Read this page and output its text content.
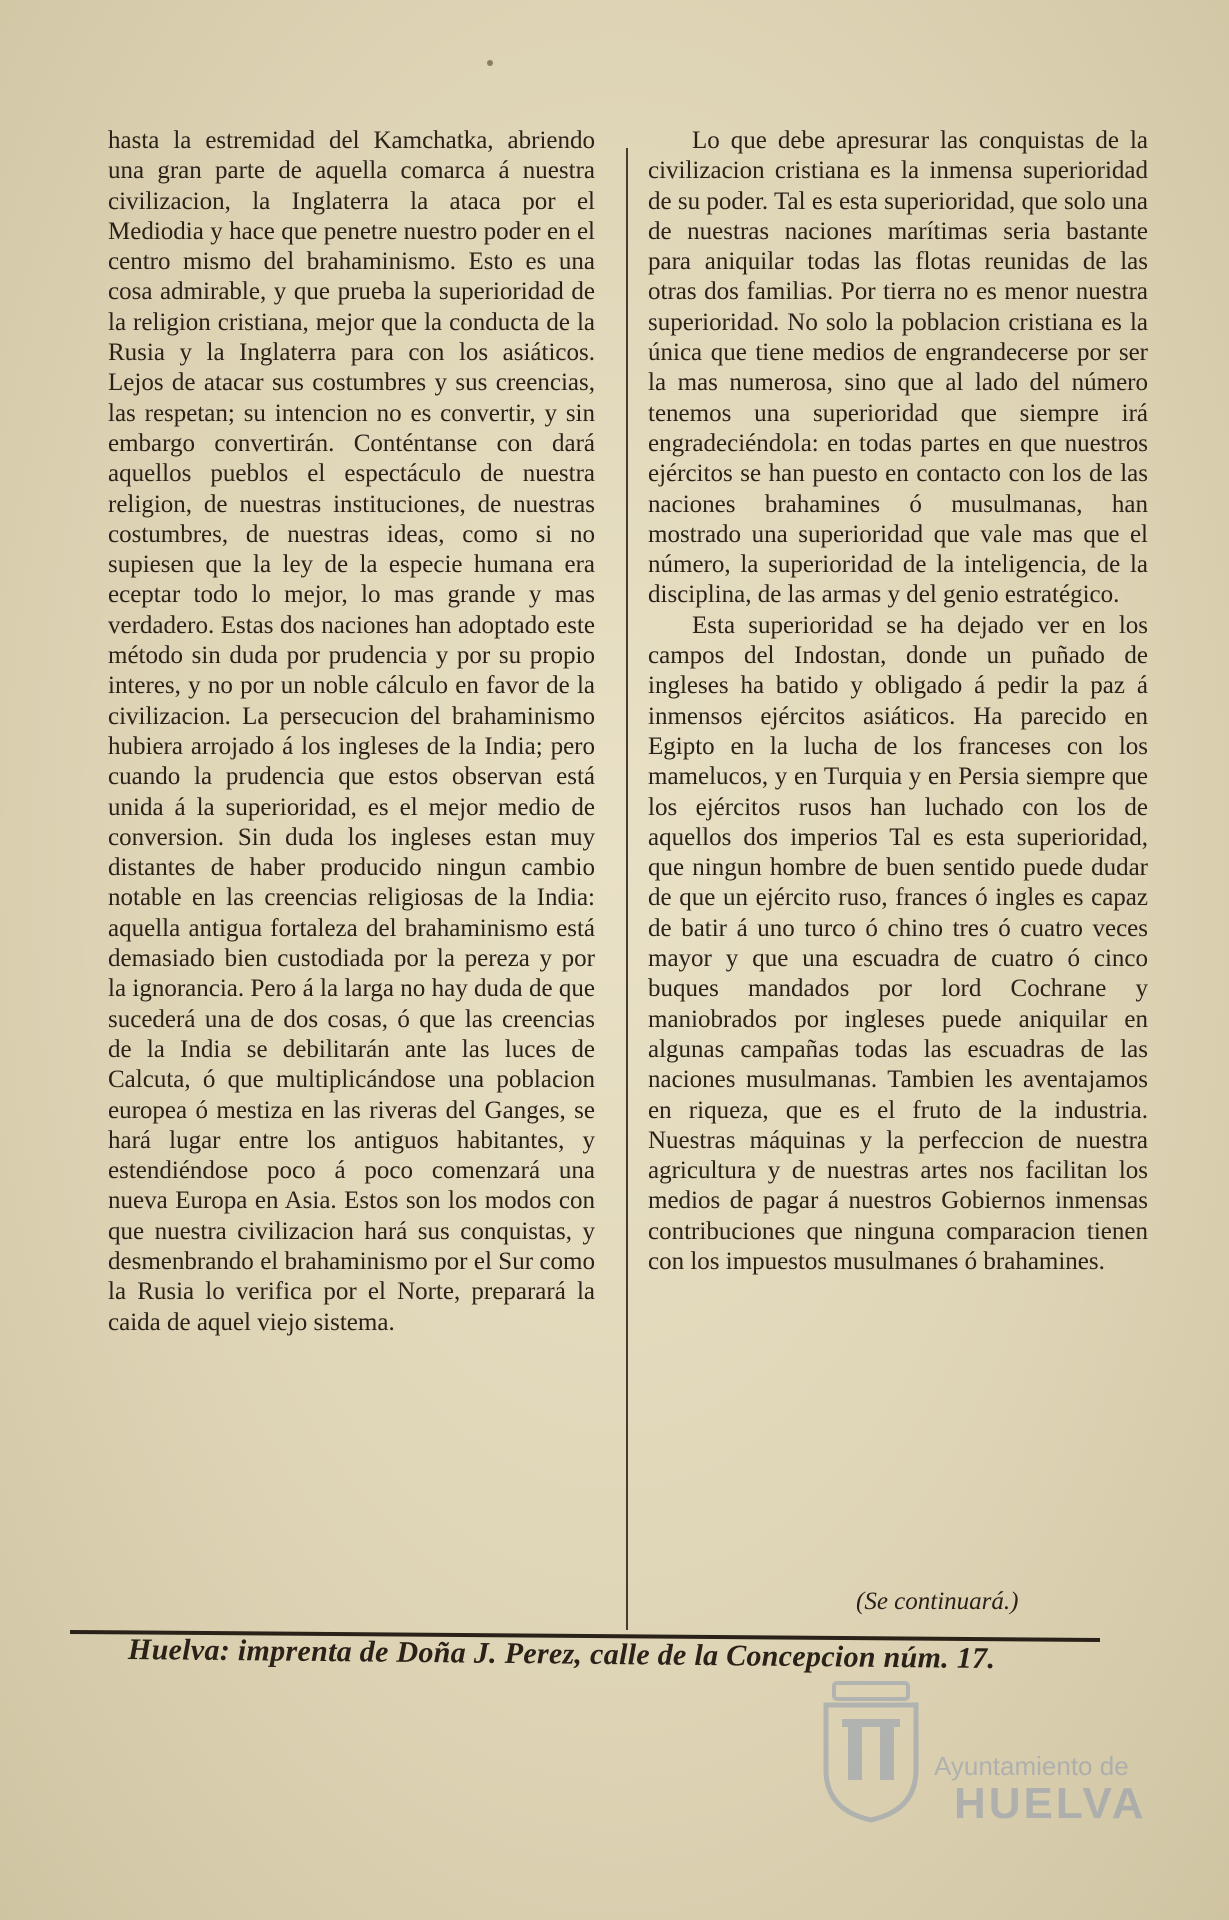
hasta la estremidad del Kamchatka, abriendo una gran parte de aquella comarca á nuestra civilizacion, la Inglaterra la ataca por el Mediodia y hace que penetre nuestro poder en el centro mismo del brahaminismo. Esto es una cosa admirable, y que prueba la superioridad de la religion cristiana, mejor que la conducta de la Rusia y la Inglaterra para con los asiáticos. Lejos de atacar sus costumbres y sus creencias, las respetan; su intencion no es convertir, y sin embargo convertirán. Conténtanse con dará aquellos pueblos el espectáculo de nuestra religion, de nuestras instituciones, de nuestras costumbres, de nuestras ideas, como si no supiesen que la ley de la especie humana era eceptar todo lo mejor, lo mas grande y mas verdadero. Estas dos naciones han adoptado este método sin duda por prudencia y por su propio interes, y no por un noble cálculo en favor de la civilizacion. La persecucion del brahaminismo hubiera arrojado á los ingleses de la India; pero cuando la prudencia que estos observan está unida á la superioridad, es el mejor medio de conversion. Sin duda los ingleses estan muy distantes de haber producido ningun cambio notable en las creencias religiosas de la India: aquella antigua fortaleza del brahaminismo está demasiado bien custodiada por la pereza y por la ignorancia. Pero á la larga no hay duda de que sucederá una de dos cosas, ó que las creencias de la India se debilitarán ante las luces de Calcuta, ó que multiplicándose una poblacion europea ó mestiza en las riveras del Ganges, se hará lugar entre los antiguos habitantes, y estendiéndose poco á poco comenzará una nueva Europa en Asia. Estos son los modos con que nuestra civilizacion hará sus conquistas, y desmenbrando el brahaminismo por el Sur como la Rusia lo verifica por el Norte, preparará la caida de aquel viejo sistema.

Lo que debe apresurar las conquistas de la civilizacion cristiana es la inmensa superioridad de su poder. Tal es esta superioridad, que solo una de nuestras naciones marítimas seria bastante para aniquilar todas las flotas reunidas de las otras dos familias. Por tierra no es menor nuestra superioridad. No solo la poblacion cristiana es la única que tiene medios de engrandecerse por ser la mas numerosa, sino que al lado del número tenemos una superioridad que siempre irá engradeciéndola: en todas partes en que nuestros ejércitos se han puesto en contacto con los de las naciones brahamines ó musulmanas, han mostrado una superioridad que vale mas que el número, la superioridad de la inteligencia, de la disciplina, de las armas y del genio estratégico.

Esta superioridad se ha dejado ver en los campos del Indostan, donde un puñado de ingleses ha batido y obligado á pedir la paz á inmensos ejércitos asiáticos. Ha parecido en Egipto en la lucha de los franceses con los mamelucos, y en Turquia y en Persia siempre que los ejércitos rusos han luchado con los de aquellos dos imperios Tal es esta superioridad, que ningun hombre de buen sentido puede dudar de que un ejército ruso, frances ó ingles es capaz de batir á uno turco ó chino tres ó cuatro veces mayor y que una escuadra de cuatro ó cinco buques mandados por lord Cochrane y maniobrados por ingleses puede aniquilar en algunas campañas todas las escuadras de las naciones musulmanas. Tambien les aventajamos en riqueza, que es el fruto de la industria. Nuestras máquinas y la perfeccion de nuestra agricultura y de nuestras artes nos facilitan los medios de pagar á nuestros Gobiernos inmensas contribuciones que ninguna comparacion tienen con los impuestos musulmanes ó brahamines.

(Se continuará.)
Huelva: imprenta de Doña J. Perez, calle de la Concepcion núm. 17.
Ayuntamiento de
HUELVA
